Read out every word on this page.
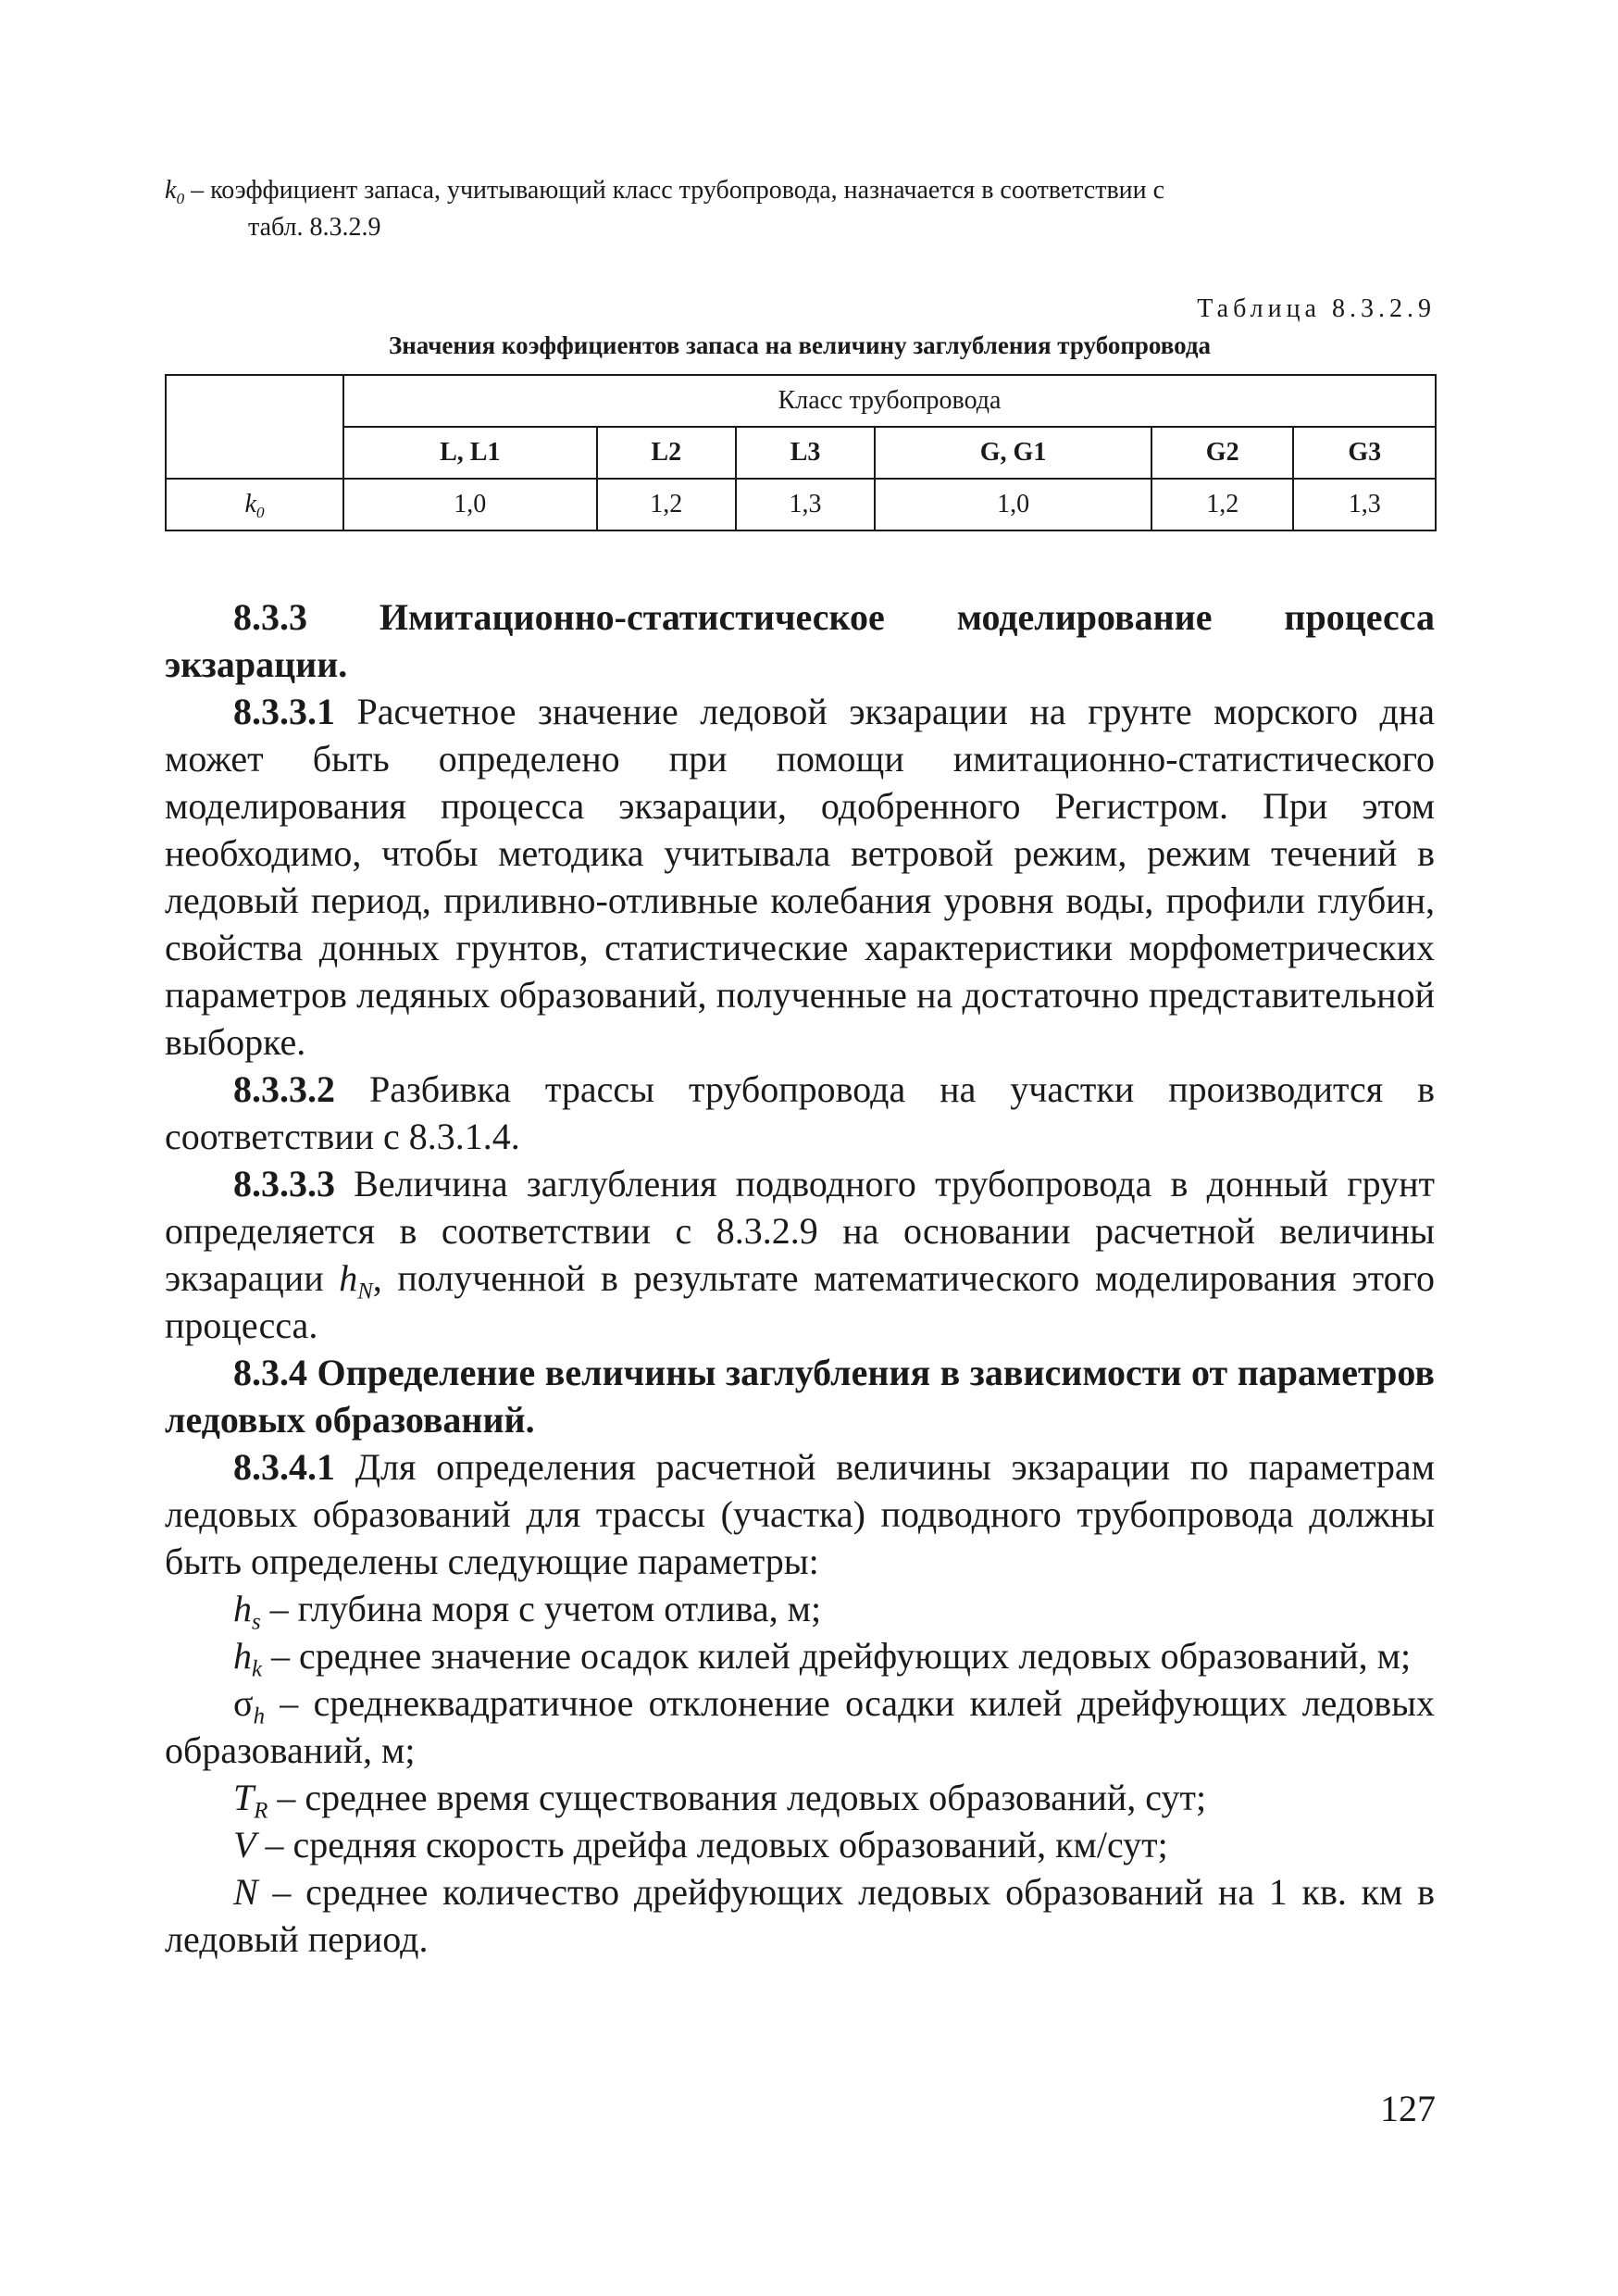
$k_0$ – коэффициент запаса, учитывающий класс трубопровода, назначается в соответствии с
табл. 8.3.2.9
Таблица 8.3.2.9
Значения коэффициентов запаса на величину заглубления трубопровода
	Класс трубопровода					
	L, L1	L2	L3	G, G1	G2	G3
$k_0$	1,0	1,2	1,3	1,0	1,2	1,3

8.3.3 Имитационно-статистическое моделирование процесса экзарации.

8.3.3.1 Расчетное значение ледовой экзарации на грунте морского дна может быть определено при помощи имитационно-статистического моделирования процесса экзарации, одобренного Регистром. При этом необходимо, чтобы методика учитывала ветровой режим, режим течений в ледовый период, приливно-отливные колебания уровня воды, профили глубин, свойства донных грунтов, статистические характеристики морфометрических параметров ледяных образований, полученные на достаточно представительной выборке.

8.3.3.2 Разбивка трассы трубопровода на участки производится в соответствии с 8.3.1.4.

8.3.3.3 Величина заглубления подводного трубопровода в донный грунт определяется в соответствии с 8.3.2.9 на основании расчетной величины экзарации $h_N$, полученной в результате математического моделирования этого процесса.

8.3.4 Определение величины заглубления в зависимости от параметров ледовых образований.

8.3.4.1 Для определения расчетной величины экзарации по параметрам ледовых образований для трассы (участка) подводного трубопровода должны быть определены следующие параметры:

$h_s$ – глубина моря с учетом отлива, м;

$h_k$ – среднее значение осадок килей дрейфующих ледовых образований, м;

$\sigma_h$ – среднеквадратичное отклонение осадки килей дрейфующих ледовых образований, м;

$T_R$ – среднее время существования ледовых образований, сут;

V – средняя скорость дрейфа ледовых образований, км/сут;

N – среднее количество дрейфующих ледовых образований на 1 кв. км в ледовый период.

127
